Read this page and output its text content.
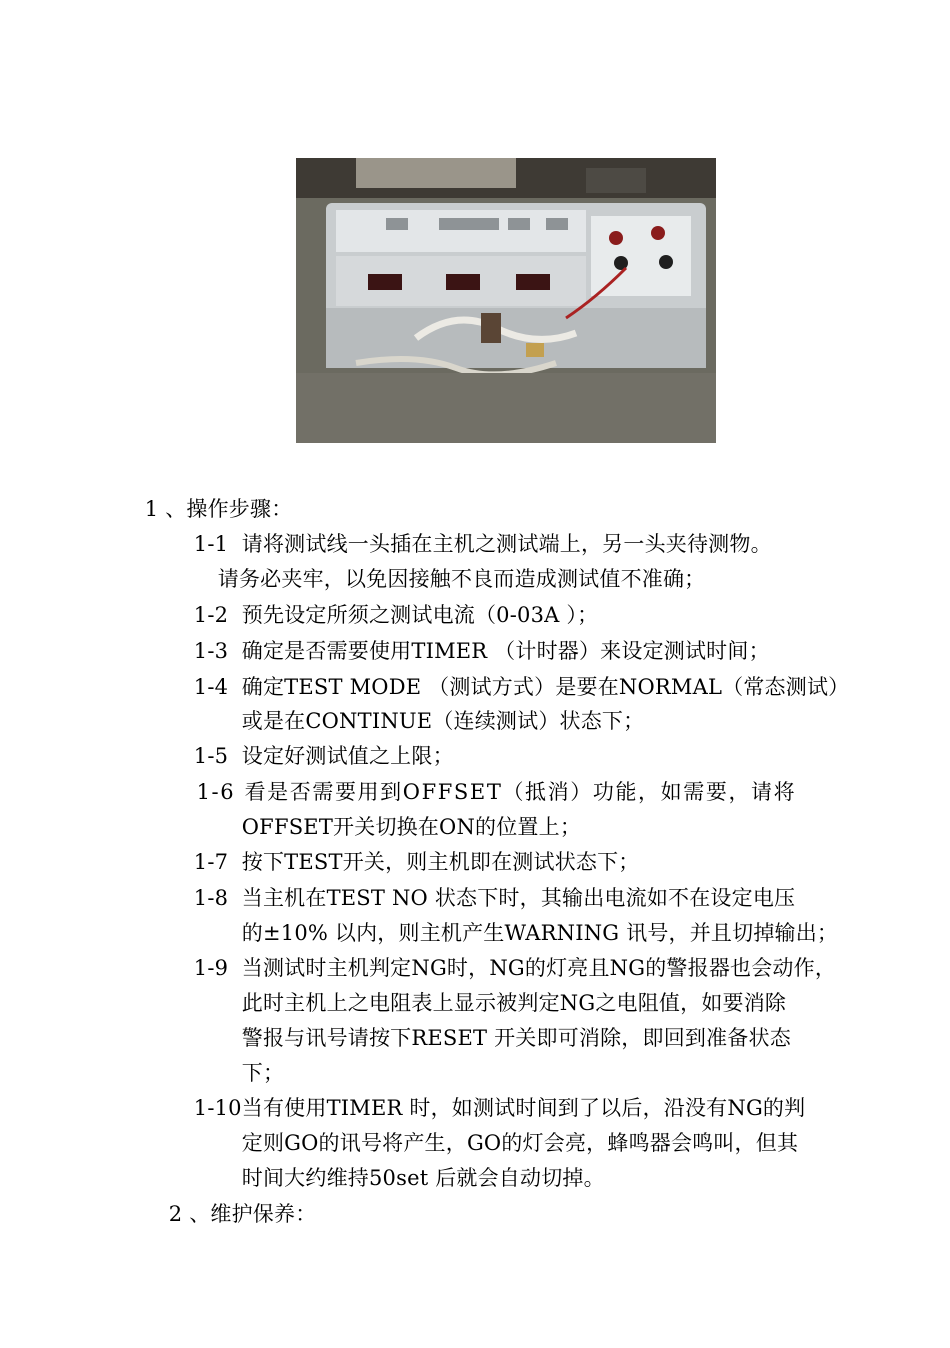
1 、操作步骤：

1-1 请将测试线一头插在主机之测试端上，另一头夹待测物。

请务必夹牢，以免因接触不良而造成测试值不准确；

1-2 预先设定所须之测试电流（0-03A ）；

1-3 确定是否需要使用TIMER （计时器）来设定测试时间；

1-4 确定TEST MODE （测试方式）是要在NORMAL（常态测试）

或是在CONTINUE（连续测试）状态下；

1-5 设定好测试值之上限；

1-6 看是否需要用到OFFSET（抵消）功能，如需要，请将

OFFSET开关切换在ON的位置上；

1-7 按下TEST开关，则主机即在测试状态下；

1-8 当主机在TEST NO 状态下时，其输出电流如不在设定电压

的±10% 以内，则主机产生WARNING 讯号，并且切掉输出；

1-9 当测试时主机判定NG时，NG的灯亮且NG的警报器也会动作，

此时主机上之电阻表上显示被判定NG之电阻值，如要消除

警报与讯号请按下RESET 开关即可消除，即回到准备状态

下；

1-10当有使用TIMER 时，如测试时间到了以后，沿没有NG的判

定则GO的讯号将产生，GO的灯会亮，蜂鸣器会鸣叫，但其

时间大约维持50set 后就会自动切掉。

2 、维护保养：
